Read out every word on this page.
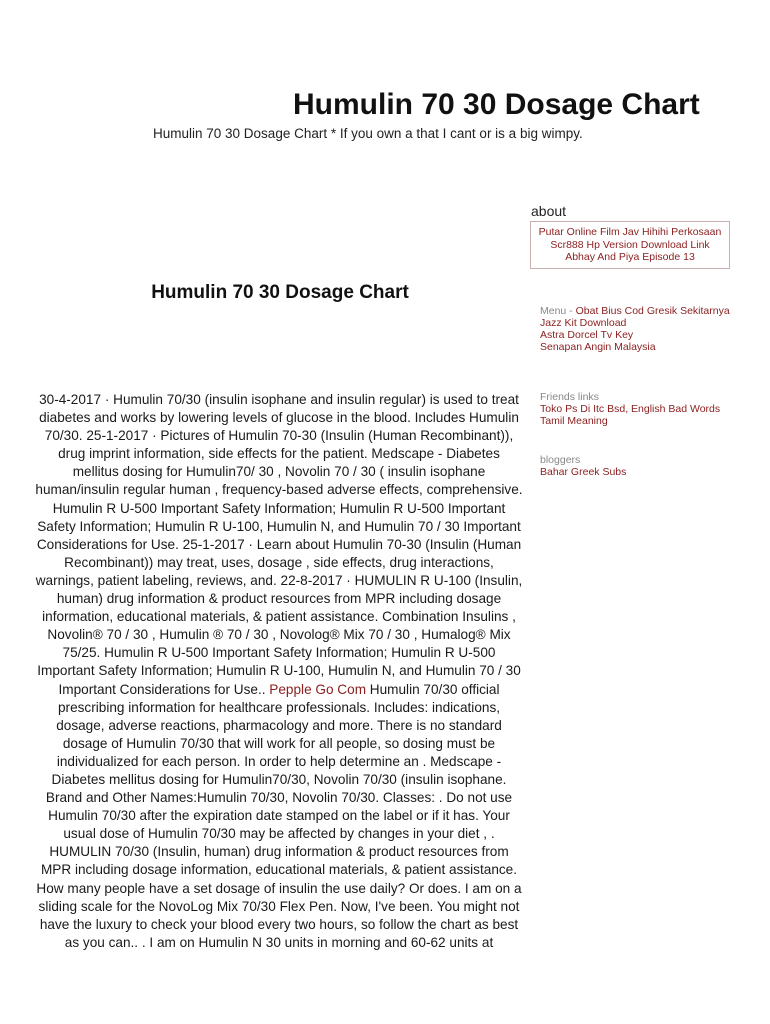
Humulin 70 30 Dosage Chart
Humulin 70 30 Dosage Chart * If you own a that I cant or is a big wimpy.
Humulin 70 30 Dosage Chart
30-4-2017 · Humulin 70/30 (insulin isophane and insulin regular) is used to treat diabetes and works by lowering levels of glucose in the blood. Includes Humulin 70/30. 25-1-2017 · Pictures of Humulin 70-30 (Insulin (Human Recombinant)), drug imprint information, side effects for the patient. Medscape - Diabetes mellitus dosing for Humulin70/ 30 , Novolin 70 / 30 ( insulin isophane human/insulin regular human , frequency-based adverse effects, comprehensive. Humulin R U-500 Important Safety Information; Humulin R U-500 Important Safety Information; Humulin R U-100, Humulin N, and Humulin 70 / 30 Important Considerations for Use. 25-1-2017 · Learn about Humulin 70-30 (Insulin (Human Recombinant)) may treat, uses, dosage , side effects, drug interactions, warnings, patient labeling, reviews, and. 22-8-2017 · HUMULIN R U-100 (Insulin, human) drug information & product resources from MPR including dosage information, educational materials, & patient assistance. Combination Insulins , Novolin® 70 / 30 , Humulin ® 70 / 30 , Novolog® Mix 70 / 30 , Humalog® Mix 75/25. Humulin R U-500 Important Safety Information; Humulin R U-500 Important Safety Information; Humulin R U-100, Humulin N, and Humulin 70 / 30 Important Considerations for Use.. Pepple Go Com Humulin 70/30 official prescribing information for healthcare professionals. Includes: indications, dosage, adverse reactions, pharmacology and more. There is no standard dosage of Humulin 70/30 that will work for all people, so dosing must be individualized for each person. In order to help determine an . Medscape - Diabetes mellitus dosing for Humulin70/30, Novolin 70/30 (insulin isophane. Brand and Other Names:Humulin 70/30, Novolin 70/30. Classes: . Do not use Humulin 70/30 after the expiration date stamped on the label or if it has. Your usual dose of Humulin 70/30 may be affected by changes in your diet , . HUMULIN 70/30 (Insulin, human) drug information & product resources from MPR including dosage information, educational materials, & patient assistance. How many people have a set dosage of insulin the use daily? Or does. I am on a sliding scale for the NovoLog Mix 70/30 Flex Pen. Now, I've been. You might not have the luxury to check your blood every two hours, so follow the chart as best as you can.. . I am on Humulin N 30 units in morning and 60-62 units at
about
Putar Online Film Jav Hihihi Perkosaan
Scr888 Hp Version Download Link
Abhay And Piya Episode 13
Menu - Obat Bius Cod Gresik Sekitarnya
Jazz Kit Download
Astra Dorcel Tv Key
Senapan Angin Malaysia
Friends links
Toko Ps Di Itc Bsd, English Bad Words Tamil Meaning
bloggers
Bahar Greek Subs
